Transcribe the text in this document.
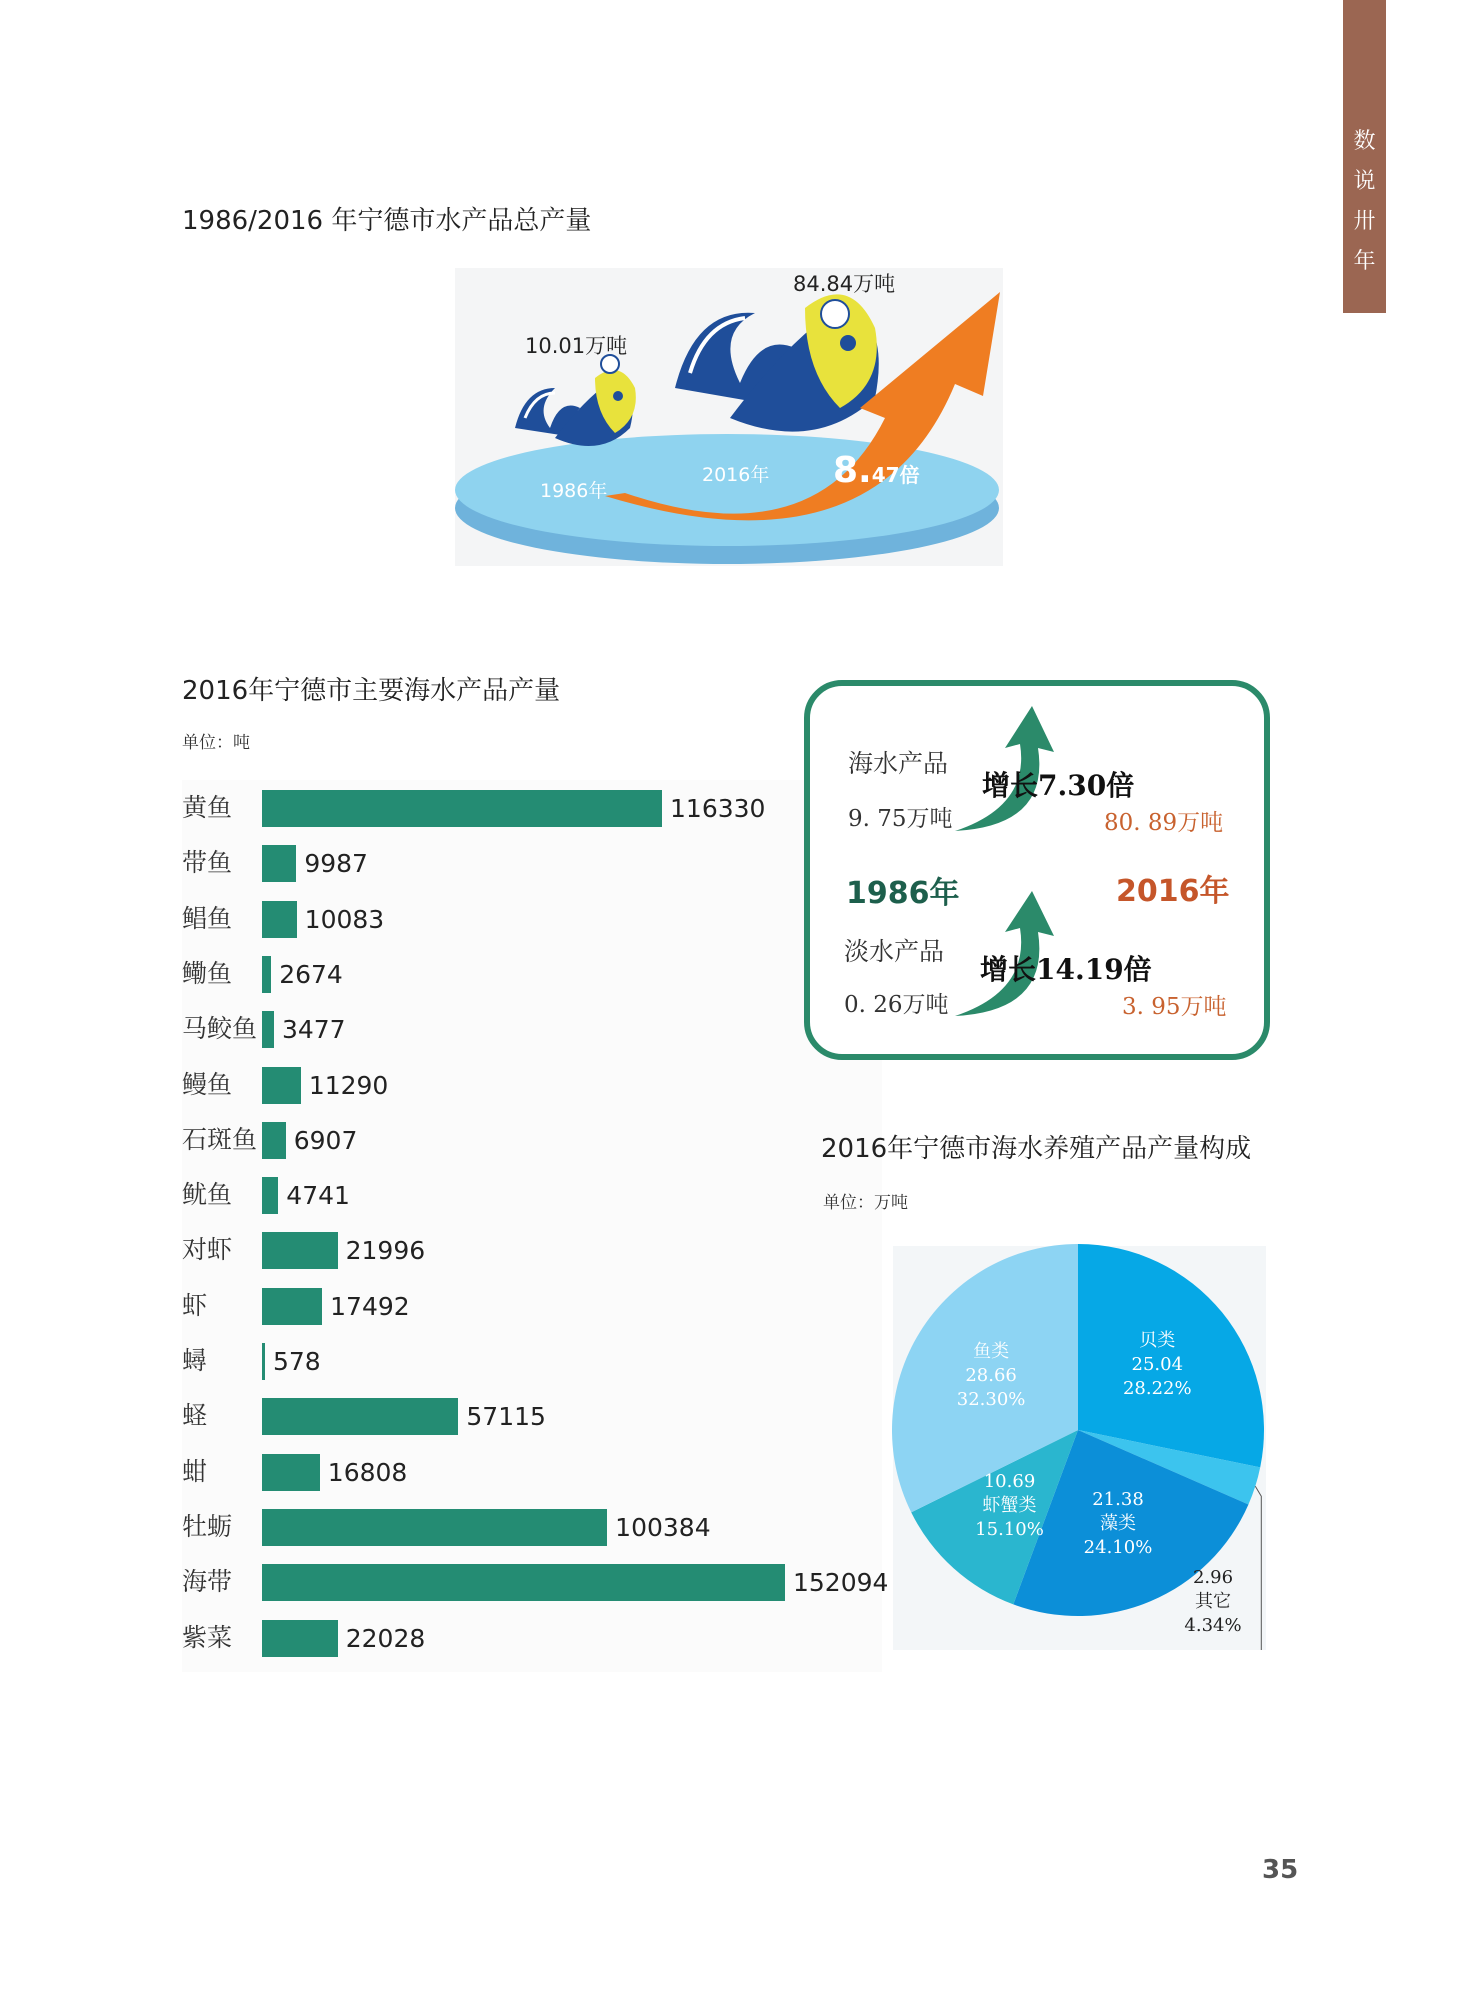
数
说
卅
年
1986/2016 年宁德市水产品总产量
10.01万吨
84.84万吨
1986年
2016年 8.47倍
2016年宁德市主要海水产品产量
单位：吨
黄鱼	116330
带鱼	9987
鲳鱼	10083
鳓鱼 2674
马鲛鱼 3477
鳗鱼	11290
石斑鱼 6907
鱿鱼 4741
对虾	21996
虾	17492
蟳	578
蛏	57115
蚶	16808
牡蛎	100384
海带	152094
紫菜	22028
海水产品
增长7.30倍
9. 75万吨	80. 89万吨
1986年	2016年
淡水产品
增长14.19倍
0. 26万吨	3. 95万吨
2016年宁德市海水养殖产品产量构成
单位：万吨
贝类
25.04
28.22%
2.96
其它
4.34%
21.38
藻类
24.10%
10.69
虾蟹类
15.10%
鱼类
28.66
32.30%
35
